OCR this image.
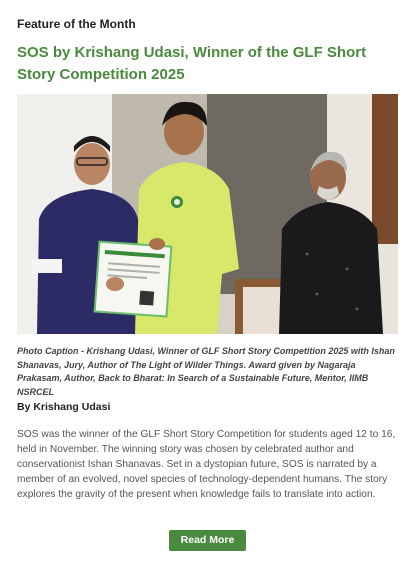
Feature of the Month
SOS by Krishang Udasi, Winner of the GLF Short Story Competition 2025
Photo Caption - Krishang Udasi, Winner of GLF Short Story Competition 2025 with Ishan Shanavas, Jury, Author of The Light of Wilder Things. Award given by Nagaraja Prakasam, Author, Back to Bharat: In Search of a Sustainable Future, Mentor, IIMB NSRCEL
By Krishang Udasi
SOS was the winner of the GLF Short Story Competition for students aged 12 to 16, held in November. The winning story was chosen by celebrated author and conservationist Ishan Shanavas. Set in a dystopian future, SOS is narrated by a member of an evolved, novel species of technology-dependent humans. The story explores the gravity of the present when knowledge fails to translate into action.
Read More
